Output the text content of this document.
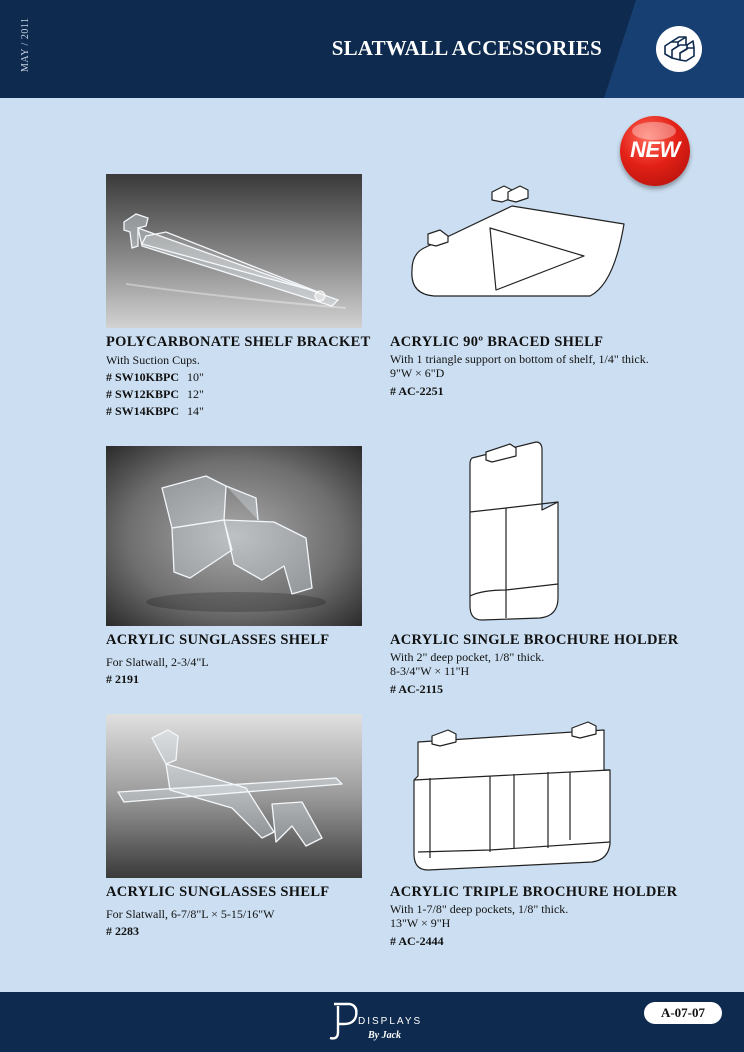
MAY / 2011	SLATWALL ACCESSORIES
NEW
POLYCARBONATE SHELF BRACKET
With Suction Cups.
# SW10KBPC 10"
# SW12KBPC 12"
# SW14KBPC 14"
ACRYLIC 90º BRACED SHELF
With 1 triangle support on bottom of shelf, 1/4" thick.
9"W × 6"D
# AC-2251
ACRYLIC SUNGLASSES SHELF
For Slatwall, 2-3/4"L
# 2191
ACRYLIC SINGLE BROCHURE HOLDER
With 2" deep pocket, 1/8" thick.
8-3/4"W × 11"H
# AC-2115
ACRYLIC SUNGLASSES SHELF
For Slatwall, 6-7/8"L × 5-15/16"W
# 2283
ACRYLIC TRIPLE BROCHURE HOLDER
With 1-7/8" deep pockets, 1/8" thick.
13"W × 9"H
# AC-2444
DISPLAYS
By Jack
A-07-07
